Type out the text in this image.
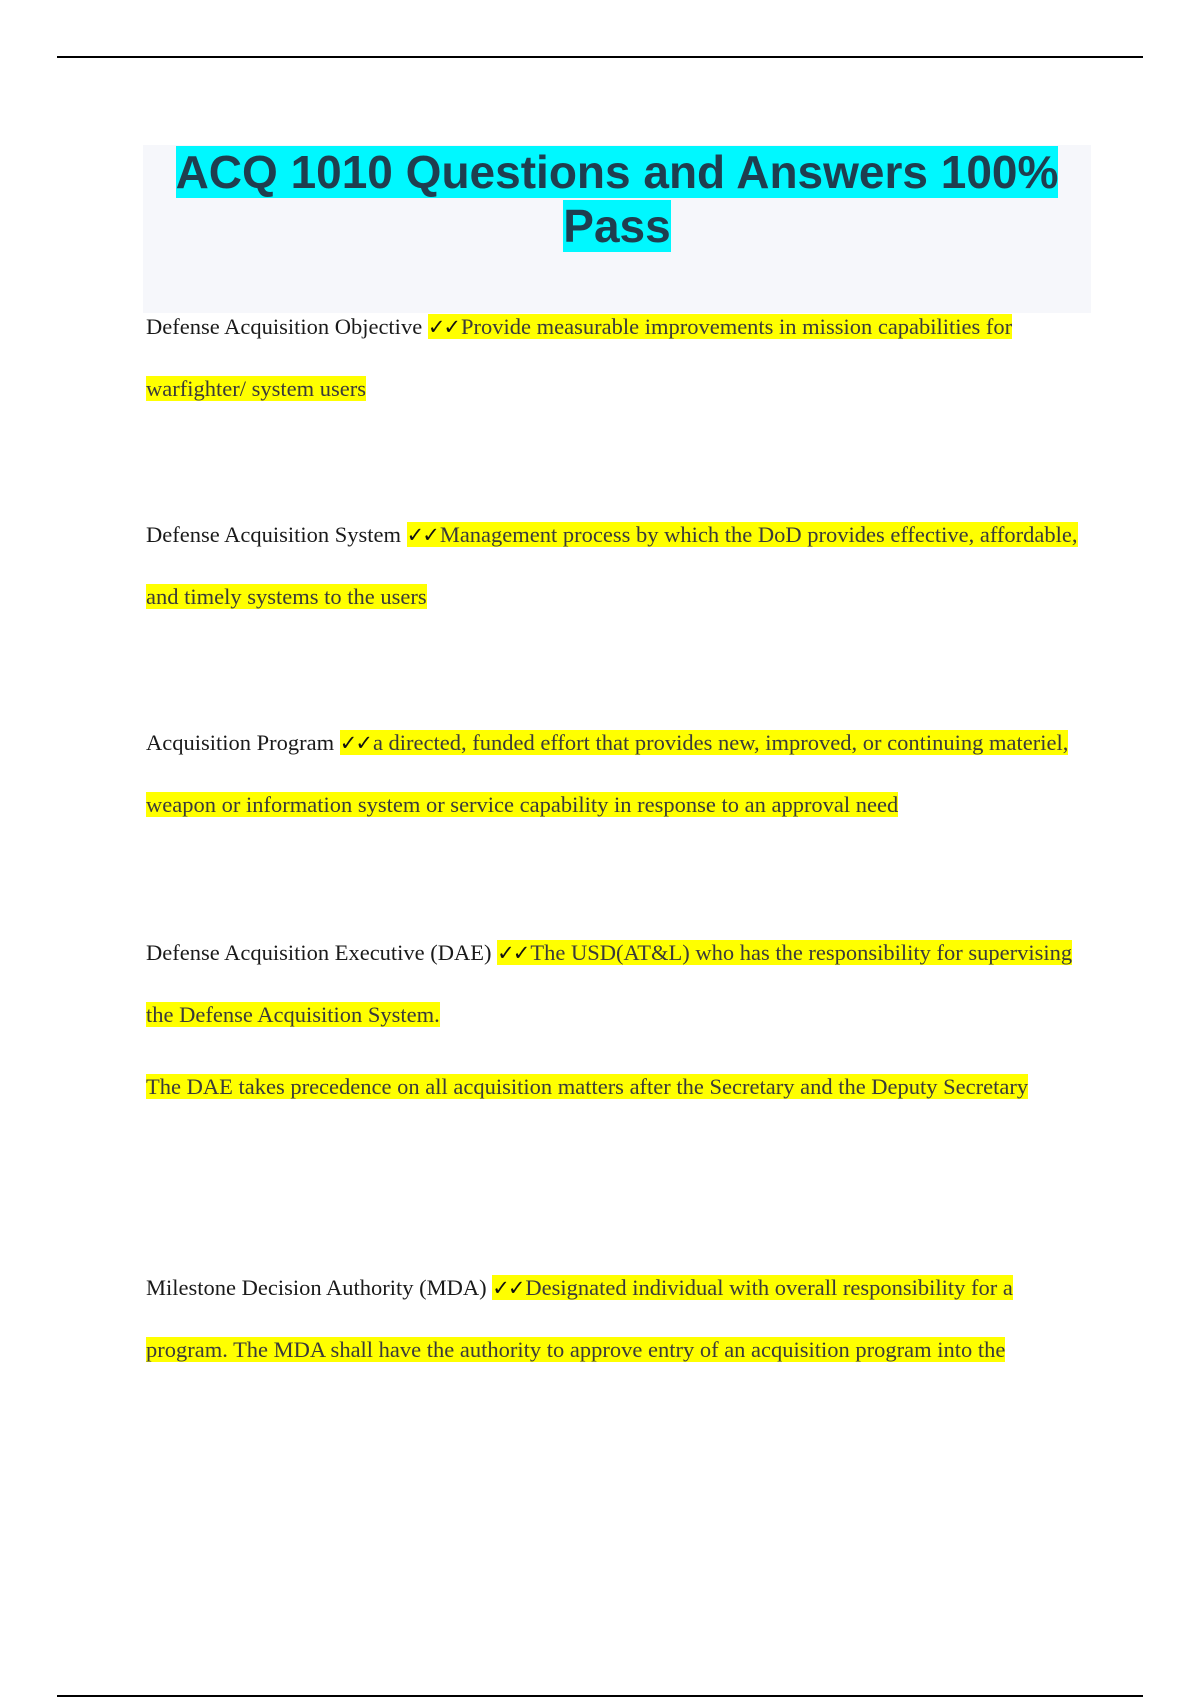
ACQ 1010 Questions and Answers 100% Pass

Defense Acquisition Objective ✓✓Provide measurable improvements in mission capabilities for warfighter/ system users

Defense Acquisition System ✓✓Management process by which the DoD provides effective, affordable, and timely systems to the users

Acquisition Program ✓✓a directed, funded effort that provides new, improved, or continuing materiel, weapon or information system or service capability in response to an approval need

Defense Acquisition Executive (DAE) ✓✓The USD(AT&L) who has the responsibility for supervising the Defense Acquisition System.

The DAE takes precedence on all acquisition matters after the Secretary and the Deputy Secretary

Milestone Decision Authority (MDA) ✓✓Designated individual with overall responsibility for a program. The MDA shall have the authority to approve entry of an acquisition program into the
